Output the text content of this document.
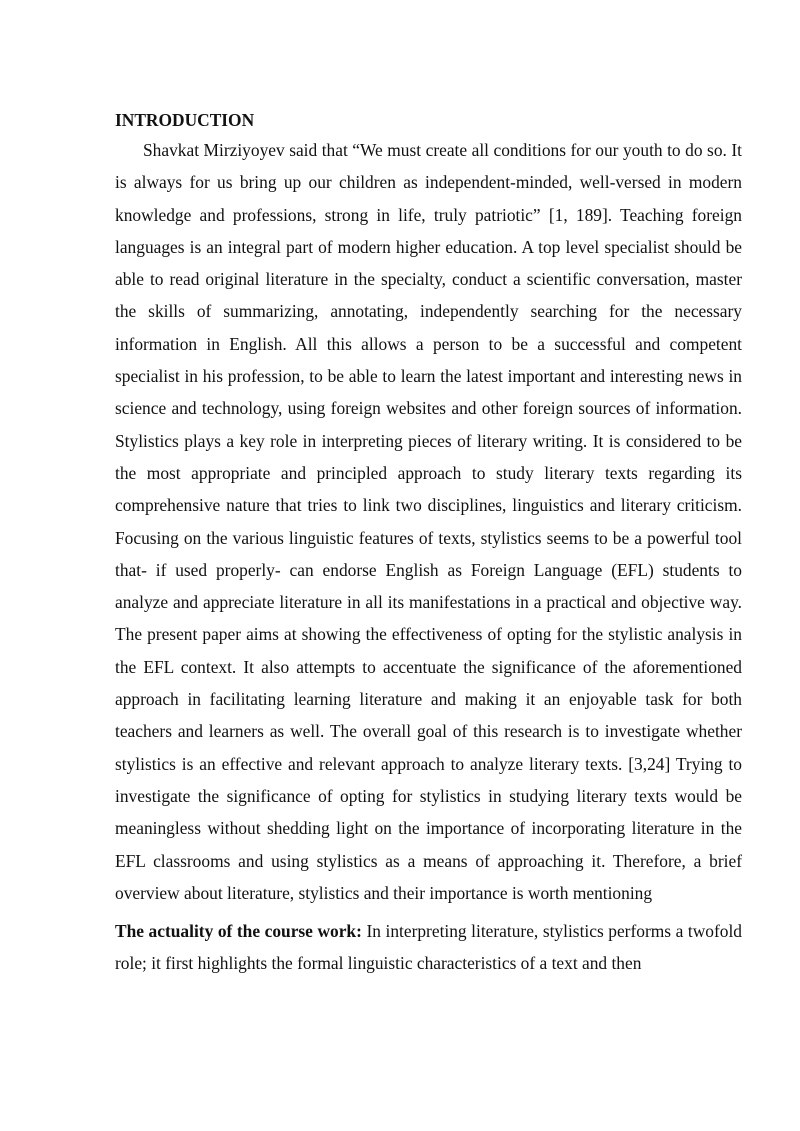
INTRODUCTION

Shavkat Mirziyoyev said that “We must create all conditions for our youth to do so. It is always for us bring up our children as independent-minded, well-versed in modern knowledge and professions, strong in life, truly patriotic” [1, 189]. Teaching foreign languages is an integral part of modern higher education. A top level specialist should be able to read original literature in the specialty, conduct a scientific conversation, master the skills of summarizing, annotating, independently searching for the necessary information in English. All this allows a person to be a successful and competent specialist in his profession, to be able to learn the latest important and interesting news in science and technology, using foreign websites and other foreign sources of information. Stylistics plays a key role in interpreting pieces of literary writing. It is considered to be the most appropriate and principled approach to study literary texts regarding its comprehensive nature that tries to link two disciplines, linguistics and literary criticism. Focusing on the various linguistic features of texts, stylistics seems to be a powerful tool that- if used properly- can endorse English as Foreign Language (EFL) students to analyze and appreciate literature in all its manifestations in a practical and objective way. The present paper aims at showing the effectiveness of opting for the stylistic analysis in the EFL context. It also attempts to accentuate the significance of the aforementioned approach in facilitating learning literature and making it an enjoyable task for both teachers and learners as well. The overall goal of this research is to investigate whether stylistics is an effective and relevant approach to analyze literary texts. [3,24] Trying to investigate the significance of opting for stylistics in studying literary texts would be meaningless without shedding light on the importance of incorporating literature in the EFL classrooms and using stylistics as a means of approaching it. Therefore, a brief overview about literature, stylistics and their importance is worth mentioning

The actuality of the course work: In interpreting literature, stylistics performs a twofold role; it first highlights the formal linguistic characteristics of a text and then
